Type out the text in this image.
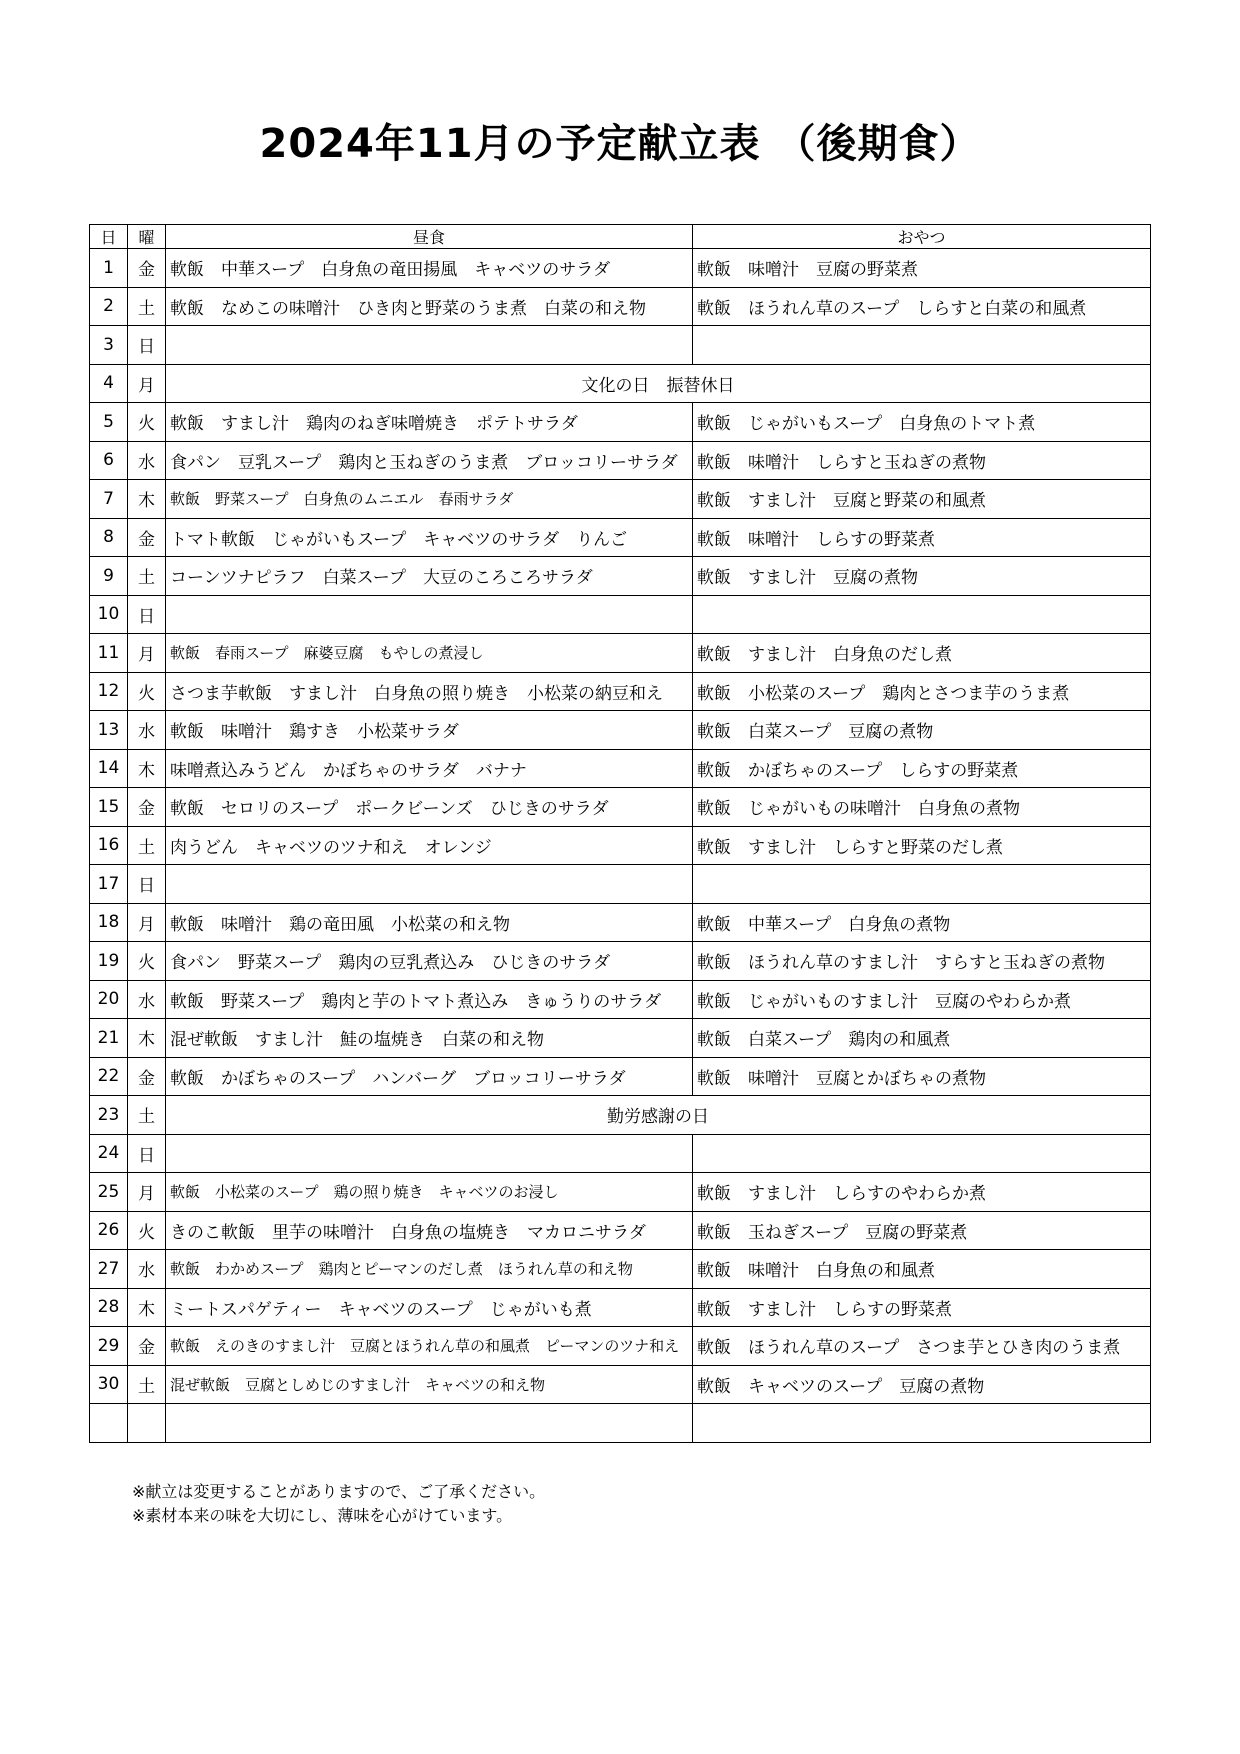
2024年11月の予定献立表 （後期食）
日	曜	昼食	おやつ
1	金	軟飯　中華スープ　白身魚の竜田揚風　キャベツのサラダ	軟飯　味噌汁　豆腐の野菜煮
2	土	軟飯　なめこの味噌汁　ひき肉と野菜のうま煮　白菜の和え物	軟飯　ほうれん草のスープ　しらすと白菜の和風煮
3	日		
4	月	文化の日　振替休日	
5	火	軟飯　すまし汁　鶏肉のねぎ味噌焼き　ポテトサラダ	軟飯　じゃがいもスープ　白身魚のトマト煮
6	水	食パン　豆乳スープ　鶏肉と玉ねぎのうま煮　ブロッコリーサラダ	軟飯　味噌汁　しらすと玉ねぎの煮物
7	木	軟飯　野菜スープ　白身魚のムニエル　春雨サラダ	軟飯　すまし汁　豆腐と野菜の和風煮
8	金	トマト軟飯　じゃがいもスープ　キャベツのサラダ　りんご	軟飯　味噌汁　しらすの野菜煮
9	土	コーンツナピラフ　白菜スープ　大豆のころころサラダ	軟飯　すまし汁　豆腐の煮物
10	日		
11	月	軟飯　春雨スープ　麻婆豆腐　もやしの煮浸し	軟飯　すまし汁　白身魚のだし煮
12	火	さつま芋軟飯　すまし汁　白身魚の照り焼き　小松菜の納豆和え	軟飯　小松菜のスープ　鶏肉とさつま芋のうま煮
13	水	軟飯　味噌汁　鶏すき　小松菜サラダ	軟飯　白菜スープ　豆腐の煮物
14	木	味噌煮込みうどん　かぼちゃのサラダ　バナナ	軟飯　かぼちゃのスープ　しらすの野菜煮
15	金	軟飯　セロリのスープ　ポークビーンズ　ひじきのサラダ	軟飯　じゃがいもの味噌汁　白身魚の煮物
16	土	肉うどん　キャベツのツナ和え　オレンジ	軟飯　すまし汁　しらすと野菜のだし煮
17	日		
18	月	軟飯　味噌汁　鶏の竜田風　小松菜の和え物	軟飯　中華スープ　白身魚の煮物
19	火	食パン　野菜スープ　鶏肉の豆乳煮込み　ひじきのサラダ	軟飯　ほうれん草のすまし汁　すらすと玉ねぎの煮物
20	水	軟飯　野菜スープ　鶏肉と芋のトマト煮込み　きゅうりのサラダ	軟飯　じゃがいものすまし汁　豆腐のやわらか煮
21	木	混ぜ軟飯　すまし汁　鮭の塩焼き　白菜の和え物	軟飯　白菜スープ　鶏肉の和風煮
22	金	軟飯　かぼちゃのスープ　ハンバーグ　ブロッコリーサラダ	軟飯　味噌汁　豆腐とかぼちゃの煮物
23	土	勤労感謝の日	
24	日		
25	月	軟飯　小松菜のスープ　鶏の照り焼き　キャベツのお浸し	軟飯　すまし汁　しらすのやわらか煮
26	火	きのこ軟飯　里芋の味噌汁　白身魚の塩焼き　マカロニサラダ	軟飯　玉ねぎスープ　豆腐の野菜煮
27	水	軟飯　わかめスープ　鶏肉とピーマンのだし煮　ほうれん草の和え物	軟飯　味噌汁　白身魚の和風煮
28	木	ミートスパゲティー　キャベツのスープ　じゃがいも煮	軟飯　すまし汁　しらすの野菜煮
29	金	軟飯　えのきのすまし汁　豆腐とほうれん草の和風煮　ピーマンのツナ和え	軟飯　ほうれん草のスープ　さつま芋とひき肉のうま煮
30	土	混ぜ軟飯　豆腐としめじのすまし汁　キャベツの和え物	軟飯　キャベツのスープ　豆腐の煮物

※献立は変更することがありますので、ご了承ください。
※素材本来の味を大切にし、薄味を心がけています。
